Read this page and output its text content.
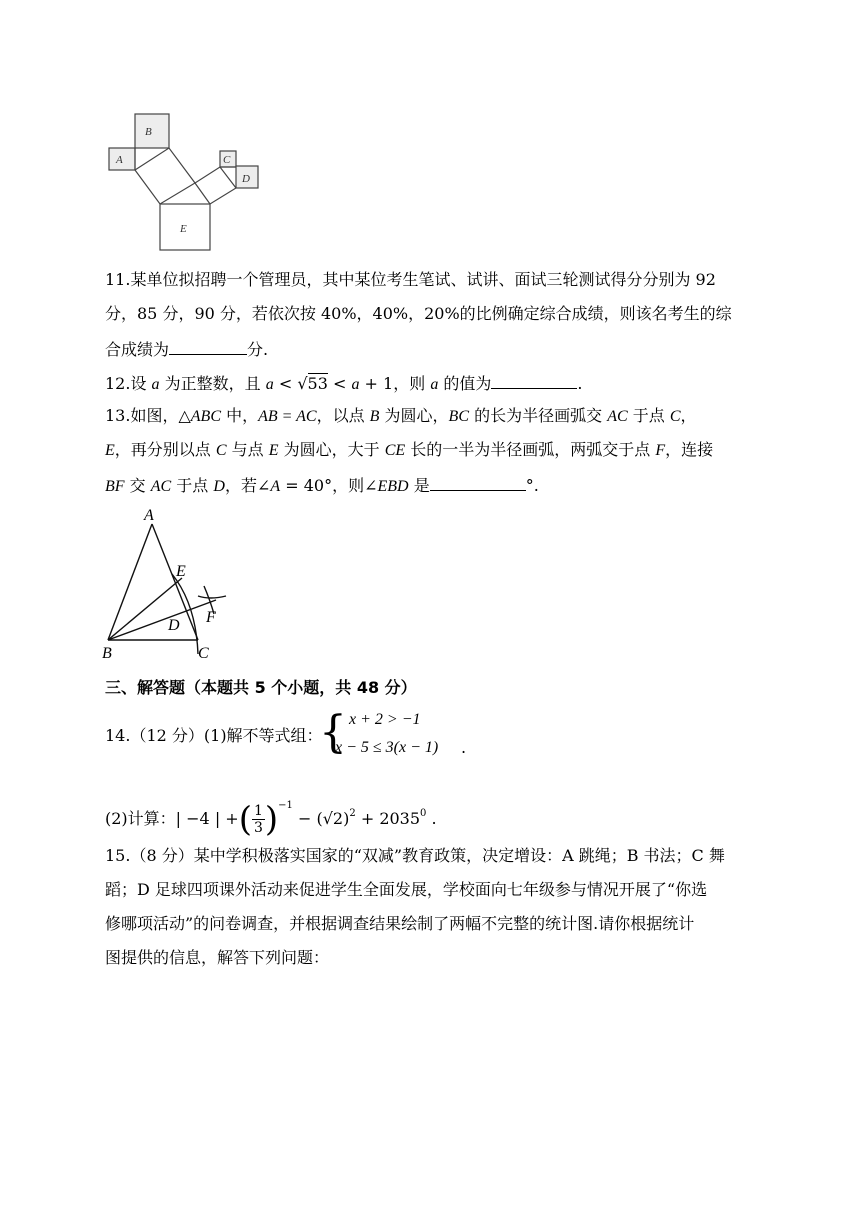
B
A	C
D
E
11.某单位拟招聘一个管理员，其中某位考生笔试、试讲、面试三轮测试得分分别为 92
分，85 分，90 分，若依次按 40%，40%，20%的比例确定综合成绩，则该名考生的综
合成绩为	分.
12.设 a 为正整数，且 a < √53 < a + 1，则 a 的值为	.
13.如图，△ABC 中，AB = AC，以点 B 为圆心，BC 的长为半径画弧交 AC 于点 C，
E，再分别以点 C 与点 E 为圆心，大于 CE 长的一半为半径画弧，两弧交于点 F，连接
BF 交 AC 于点 D，若∠A = 40°，则∠EBD 是	°.
A
E
F
D
B	C
三、解答题（本题共 5 个小题，共 48 分）
14.（12 分）(1)解不等式组：
{ x + 2 > −1
x − 5 ≤ 3(x − 1) .
(2)计算：| −4 | +( $\frac{1}{3} )^{-1} - (√2)^2 + 2035^0$ .
15.（8 分）某中学积极落实国家的“双减”教育政策，决定增设：A 跳绳；B 书法；C 舞
蹈；D 足球四项课外活动来促进学生全面发展，学校面向七年级参与情况开展了“你选
修哪项活动”的问卷调查，并根据调查结果绘制了两幅不完整的统计图.请你根据统计
图提供的信息，解答下列问题：
